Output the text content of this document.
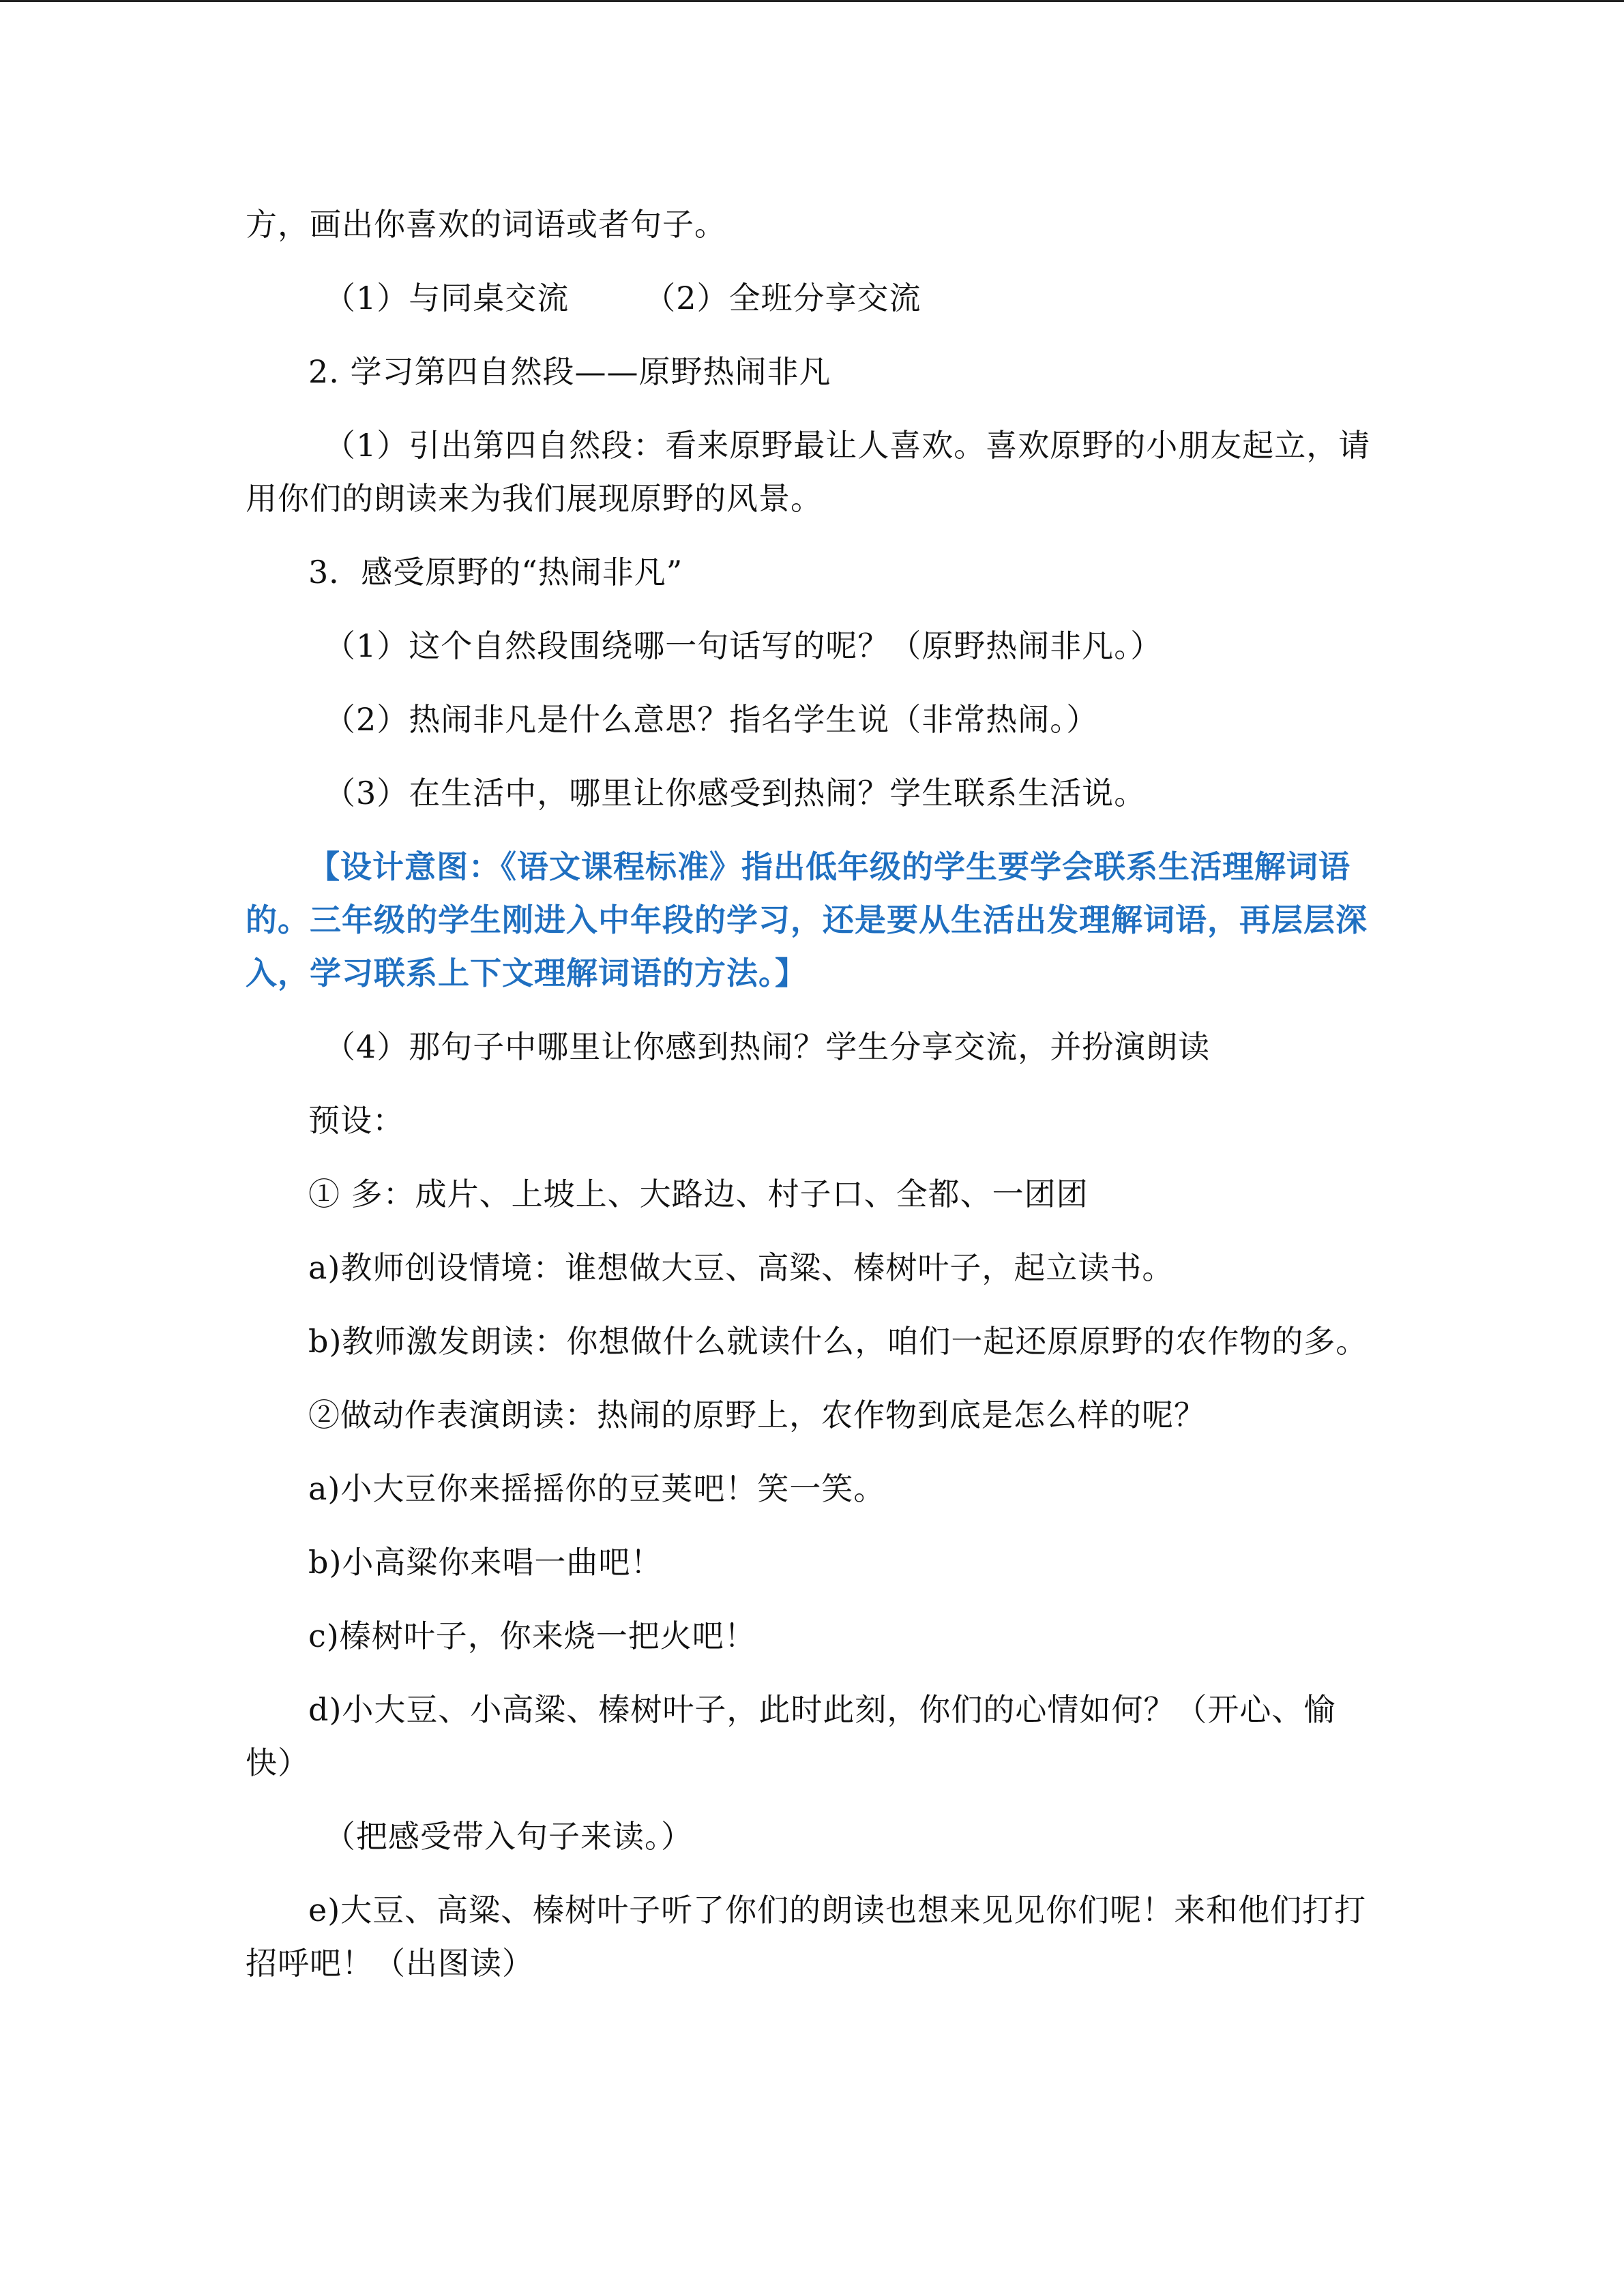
方，画出你喜欢的词语或者句子。

（1）与同桌交流 （2）全班分享交流

2. 学习第四自然段——原野热闹非凡

（1）引出第四自然段：看来原野最让人喜欢。喜欢原野的小朋友起立，请用你们的朗读来为我们展现原野的风景。

3．感受原野的“热闹非凡”

（1）这个自然段围绕哪一句话写的呢？（原野热闹非凡。）

（2）热闹非凡是什么意思？指名学生说（非常热闹。）

（3）在生活中，哪里让你感受到热闹？学生联系生活说。

【设计意图：《语文课程标准》指出低年级的学生要学会联系生活理解词语的。三年级的学生刚进入中年段的学习，还是要从生活出发理解词语，再层层深入，学习联系上下文理解词语的方法。】

（4）那句子中哪里让你感到热闹？学生分享交流，并扮演朗读

预设：

① 多：成片、上坡上、大路边、村子口、全都、一团团

a)教师创设情境：谁想做大豆、高粱、榛树叶子，起立读书。

b)教师激发朗读：你想做什么就读什么，咱们一起还原原野的农作物的多。

②做动作表演朗读：热闹的原野上，农作物到底是怎么样的呢？

a)小大豆你来摇摇你的豆荚吧！笑一笑。

b)小高粱你来唱一曲吧！

c)榛树叶子，你来烧一把火吧！

d)小大豆、小高粱、榛树叶子，此时此刻，你们的心情如何？（开心、愉快）

（把感受带入句子来读。）

e)大豆、高粱、榛树叶子听了你们的朗读也想来见见你们呢！来和他们打打招呼吧！（出图读）
